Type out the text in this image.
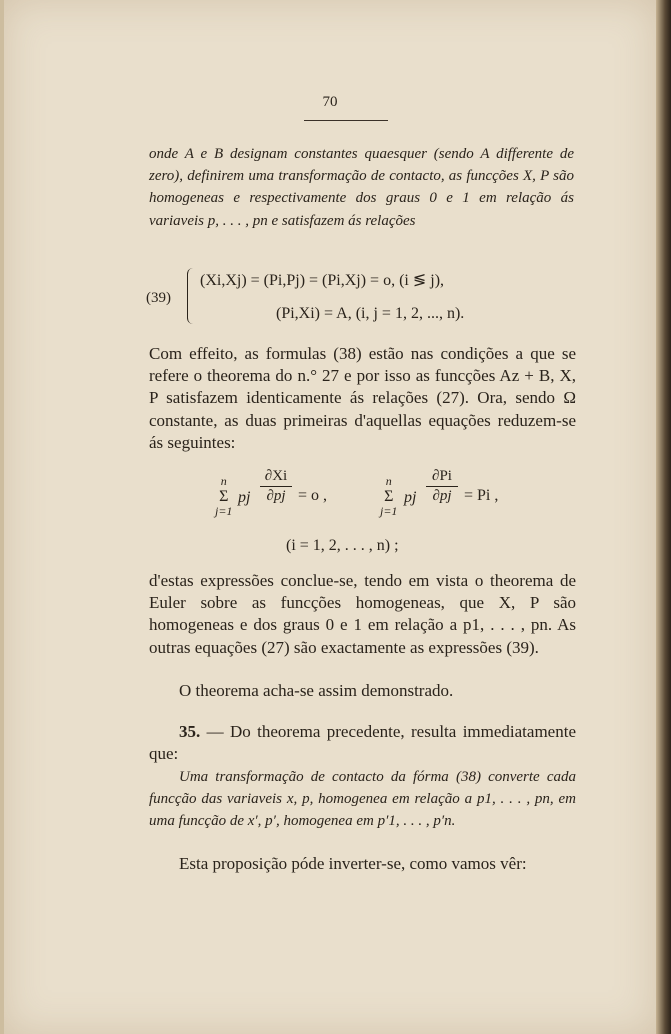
70
onde A e B designam constantes quaesquer (sendo A differente de zero), definirem uma transformação de contacto, as funcções X, P são homogeneas e respectivamente dos graus 0 e 1 em relação ás variaveis p, . . . , pn e satisfazem ás relações
(39)
(Xi,Xj) = (Pi,Pj) = (Pi,Xj) = o, (i ≶ j),
(Pi,Xi) = A, (i, j = 1, 2, ..., n).
Com effeito, as formulas (38) estão nas condições a que se refere o theorema do n.° 27 e por isso as funcções Az + B, X, P satisfazem identicamente ás relações (27). Ora, sendo Ω constante, as duas primeiras d'aquellas equações reduzem-se ás seguintes:
n
Σ
j=1
pj
∂Xi
∂pj = o ,
n
Σ
j=1
pj
∂Pi
∂pj = Pi ,
(i = 1, 2, . . . , n) ;
d'estas expressões conclue-se, tendo em vista o theorema de Euler sobre as funcções homogeneas, que X, P são homogeneas e dos graus 0 e 1 em relação a p1, . . . , pn. As outras equações (27) são exactamente as expressões (39).
O theorema acha-se assim demonstrado.
35. — Do theorema precedente, resulta immediatamente que:
Uma transformação de contacto da fórma (38) converte cada funcção das variaveis x, p, homogenea em relação a p1, . . . , pn, em uma funcção de x′, p′, homogenea em p′1, . . . , p′n.
Esta proposição póde inverter-se, como vamos vêr:
